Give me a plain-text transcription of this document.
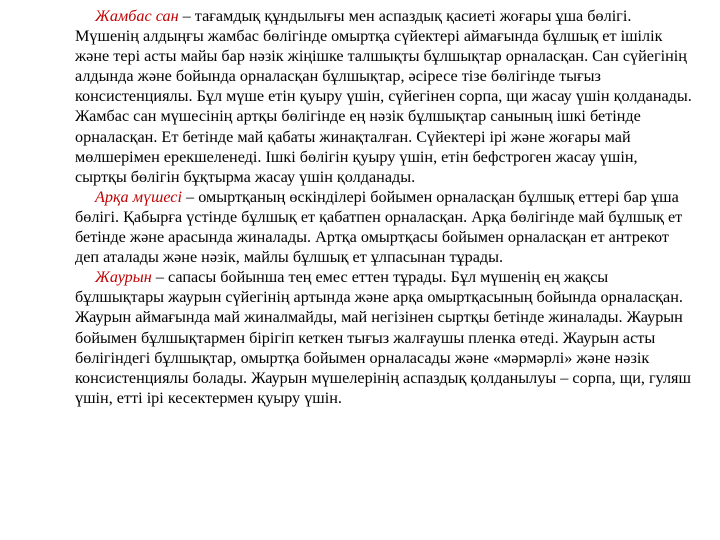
Жамбас сан – тағамдық құндылығы мен аспаздық қасиеті жоғары ұша бөлігі. Мүшенің алдыңғы жамбас бөлігінде омыртқа сүйектері аймағында бұлшық ет ішілік және тері асты майы бар нәзік жіңішке талшықты бұлшықтар орналасқан. Сан сүйегінің алдында және бойында орналасқан бұлшықтар, әсіресе тізе бөлігінде тығыз консистенциялы. Бұл мүше етін қуыру үшін, сүйегінен сорпа, щи жасау үшін қолданады. Жамбас сан мүшесінің артқы бөлігінде ең нәзік бұлшықтар санының ішкі бетінде орналасқан. Ет бетінде май қабаты жинақталған. Сүйектері ірі және жоғары май мөлшерімен ерекшеленеді. Ішкі бөлігін қуыру үшін, етін бефстроген жасау үшін, сыртқы бөлігін бұқтырма жасау үшін қолданады.

Арқа мүшесі – омыртқаның өскінділері бойымен орналасқан бұлшық еттері бар ұша бөлігі. Қабырға үстінде бұлшық ет қабатпен орналасқан. Арқа бөлігінде май бұлшық ет бетінде және арасында жиналады. Артқа омыртқасы бойымен орналасқан ет антрекот деп аталады және нәзік, майлы бұлшық ет ұлпасынан тұрады.

Жаурын – сапасы бойынша тең емес еттен тұрады. Бұл мүшенің ең жақсы бұлшықтары жаурын сүйегінің артында және арқа омыртқасының бойында орналасқан. Жаурын аймағында май жиналмайды, май негізінен сыртқы бетінде жиналады. Жаурын бойымен бұлшықтармен бірігіп кеткен тығыз жалғаушы пленка өтеді. Жаурын асты бөлігіндегі бұлшықтар, омыртқа бойымен орналасады және «мәрмәрлі» және нәзік консистенциялы болады. Жаурын мүшелерінің аспаздық қолданылуы – сорпа, щи, гуляш үшін, етті ірі кесектермен қуыру үшін.
